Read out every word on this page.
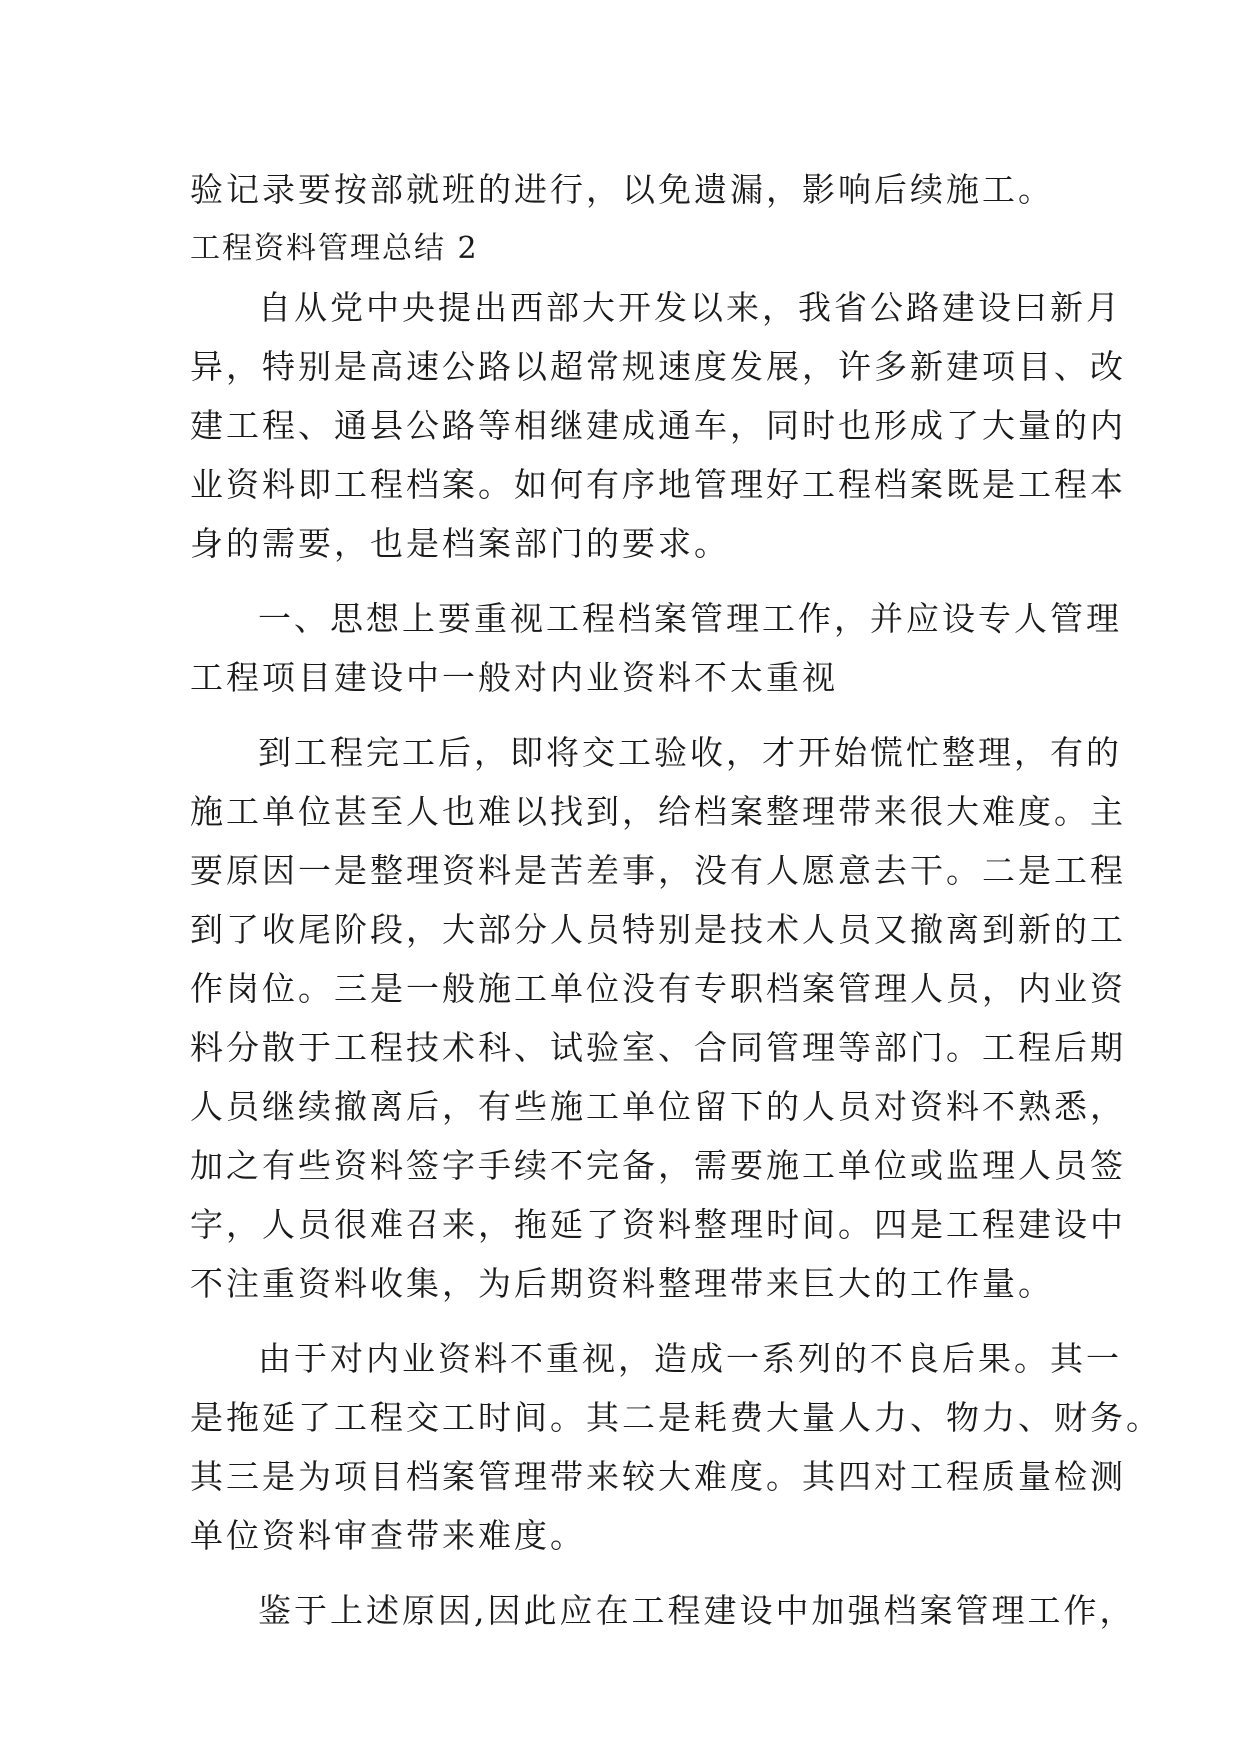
验记录要按部就班的进行，以免遗漏，影响后续施工。
工程资料管理总结 2
自从党中央提出西部大开发以来，我省公路建设曰新月
异，特别是高速公路以超常规速度发展，许多新建项目、改
建工程、通县公路等相继建成通车，同时也形成了大量的内
业资料即工程档案。如何有序地管理好工程档案既是工程本
身的需要，也是档案部门的要求。
一、思想上要重视工程档案管理工作，并应设专人管理
工程项目建设中一般对内业资料不太重视
到工程完工后，即将交工验收，才开始慌忙整理，有的
施工单位甚至人也难以找到，给档案整理带来很大难度。主
要原因一是整理资料是苦差事，没有人愿意去干。二是工程
到了收尾阶段，大部分人员特别是技术人员又撤离到新的工
作岗位。三是一般施工单位没有专职档案管理人员，内业资
料分散于工程技术科、试验室、合同管理等部门。工程后期
人员继续撤离后，有些施工单位留下的人员对资料不熟悉，
加之有些资料签字手续不完备，需要施工单位或监理人员签
字，人员很难召来，拖延了资料整理时间。四是工程建设中
不注重资料收集，为后期资料整理带来巨大的工作量。
由于对内业资料不重视，造成一系列的不良后果。其一
是拖延了工程交工时间。其二是耗费大量人力、物力、财务。
其三是为项目档案管理带来较大难度。其四对工程质量检测
单位资料审查带来难度。
鉴于上述原因,因此应在工程建设中加强档案管理工作，
